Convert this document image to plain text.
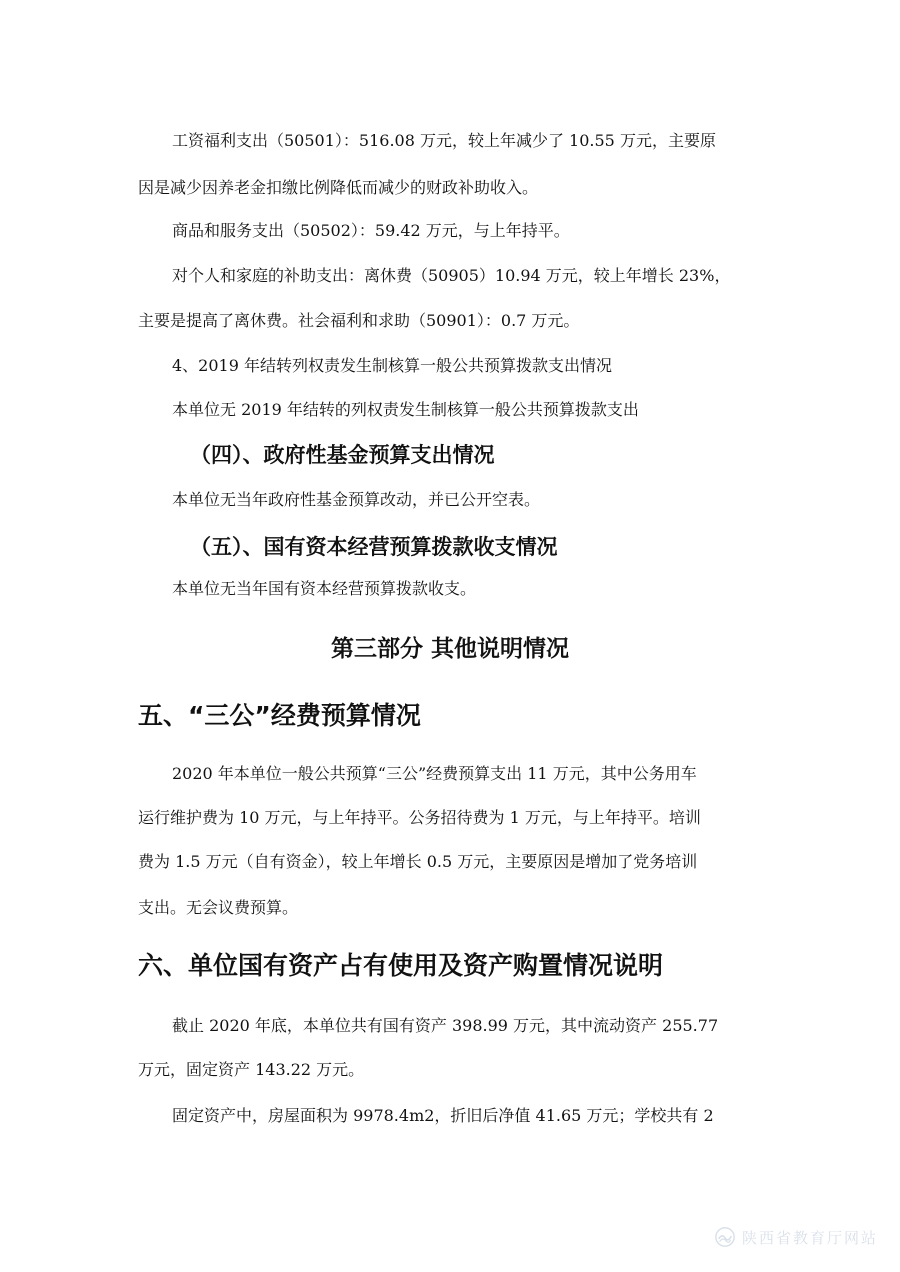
工资福利支出（50501）：516.08 万元，较上年减少了 10.55 万元，主要原
因是减少因养老金扣缴比例降低而减少的财政补助收入。
商品和服务支出（50502）：59.42 万元，与上年持平。
对个人和家庭的补助支出：离休费（50905）10.94 万元，较上年增长 23%，
主要是提高了离休费。社会福利和求助（50901）：0.7 万元。
4、2019 年结转列权责发生制核算一般公共预算拨款支出情况
本单位无 2019 年结转的列权责发生制核算一般公共预算拨款支出
（四）、政府性基金预算支出情况
本单位无当年政府性基金预算改动，并已公开空表。
（五）、国有资本经营预算拨款收支情况
本单位无当年国有资本经营预算拨款收支。
第三部分 其他说明情况
五、“三公”经费预算情况
2020 年本单位一般公共预算“三公”经费预算支出 11 万元，其中公务用车
运行维护费为 10 万元，与上年持平。公务招待费为 1 万元，与上年持平。培训
费为 1.5 万元（自有资金），较上年增长 0.5 万元，主要原因是增加了党务培训
支出。无会议费预算。
六、单位国有资产占有使用及资产购置情况说明
截止 2020 年底，本单位共有国有资产 398.99 万元，其中流动资产 255.77
万元，固定资产 143.22 万元。
固定资产中，房屋面积为 9978.4m2，折旧后净值 41.65 万元；学校共有 2
陕西省教育厅网站
